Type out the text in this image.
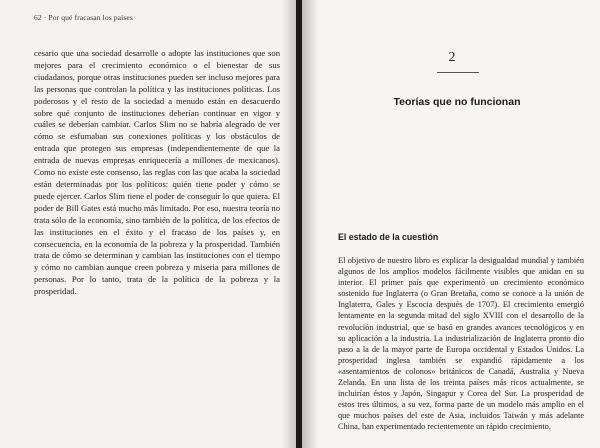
62 · Por qué fracasan los países

cesario que una sociedad desarrolle o adopte las instituciones que son mejores para el crecimiento económico o el bienestar de sus ciudadanos, porque otras instituciones pueden ser incluso mejores para las personas que controlan la política y las instituciones políticas. Los poderosos y el resto de la sociedad a menudo están en desacuerdo sobre qué conjunto de instituciones deberían continuar en vigor y cuáles se deberían cambiar. Carlos Slim no se habría alegrado de ver cómo se esfumaban sus conexiones políticas y los obstáculos de entrada que protegen sus empresas (independientemente de que la entrada de nuevas empresas enriquecería a millones de mexicanos). Como no existe este consenso, las reglas con las que acaba la sociedad están determinadas por los políticos: quién tiene poder y cómo se puede ejercer. Carlos Slim tiene el poder de conseguir lo que quiera. El poder de Bill Gates está mucho más limitado. Por eso, nuestra teoría no trata sólo de la economía, sino también de la política, de los efectos de las instituciones en el éxito y el fracaso de los países y, en consecuencia, en la economía de la pobreza y la prosperidad. También trata de cómo se determinan y cambian las instituciones con el tiempo y cómo no cambian aunque creen pobreza y miseria para millones de personas. Por lo tanto, trata de la política de la pobreza y la prosperidad.

2
Teorías que no funcionan
El estado de la cuestión

El objetivo de nuestro libro es explicar la desigualdad mundial y también algunos de los amplios modelos fácilmente visibles que anidan en su interior. El primer país que experimentó un crecimiento económico sostenido fue Inglaterra (o Gran Bretaña, como se conoce a la unión de Inglaterra, Gales y Escocia después de 1707). El crecimiento emergió lentamente en la segunda mitad del siglo XVIII con el desarrollo de la revolución industrial, que se basó en grandes avances tecnológicos y en su aplicación a la industria. La industrialización de Inglaterra pronto dio paso a la de la mayor parte de Europa occidental y Estados Unidos. La prosperidad inglesa también se expandió rápidamente a los «asentamientos de colonos» británicos de Canadá, Australia y Nueva Zelanda. En una lista de los treinta países más ricos actualmente, se incluirían éstos y Japón, Singapur y Corea del Sur. La prosperidad de estos tres últimos, a su vez, forma parte de un modelo más amplio en el que muchos países del este de Asia, incluidos Taiwán y más adelante China, han experimentado recientemente un rápido crecimiento.
